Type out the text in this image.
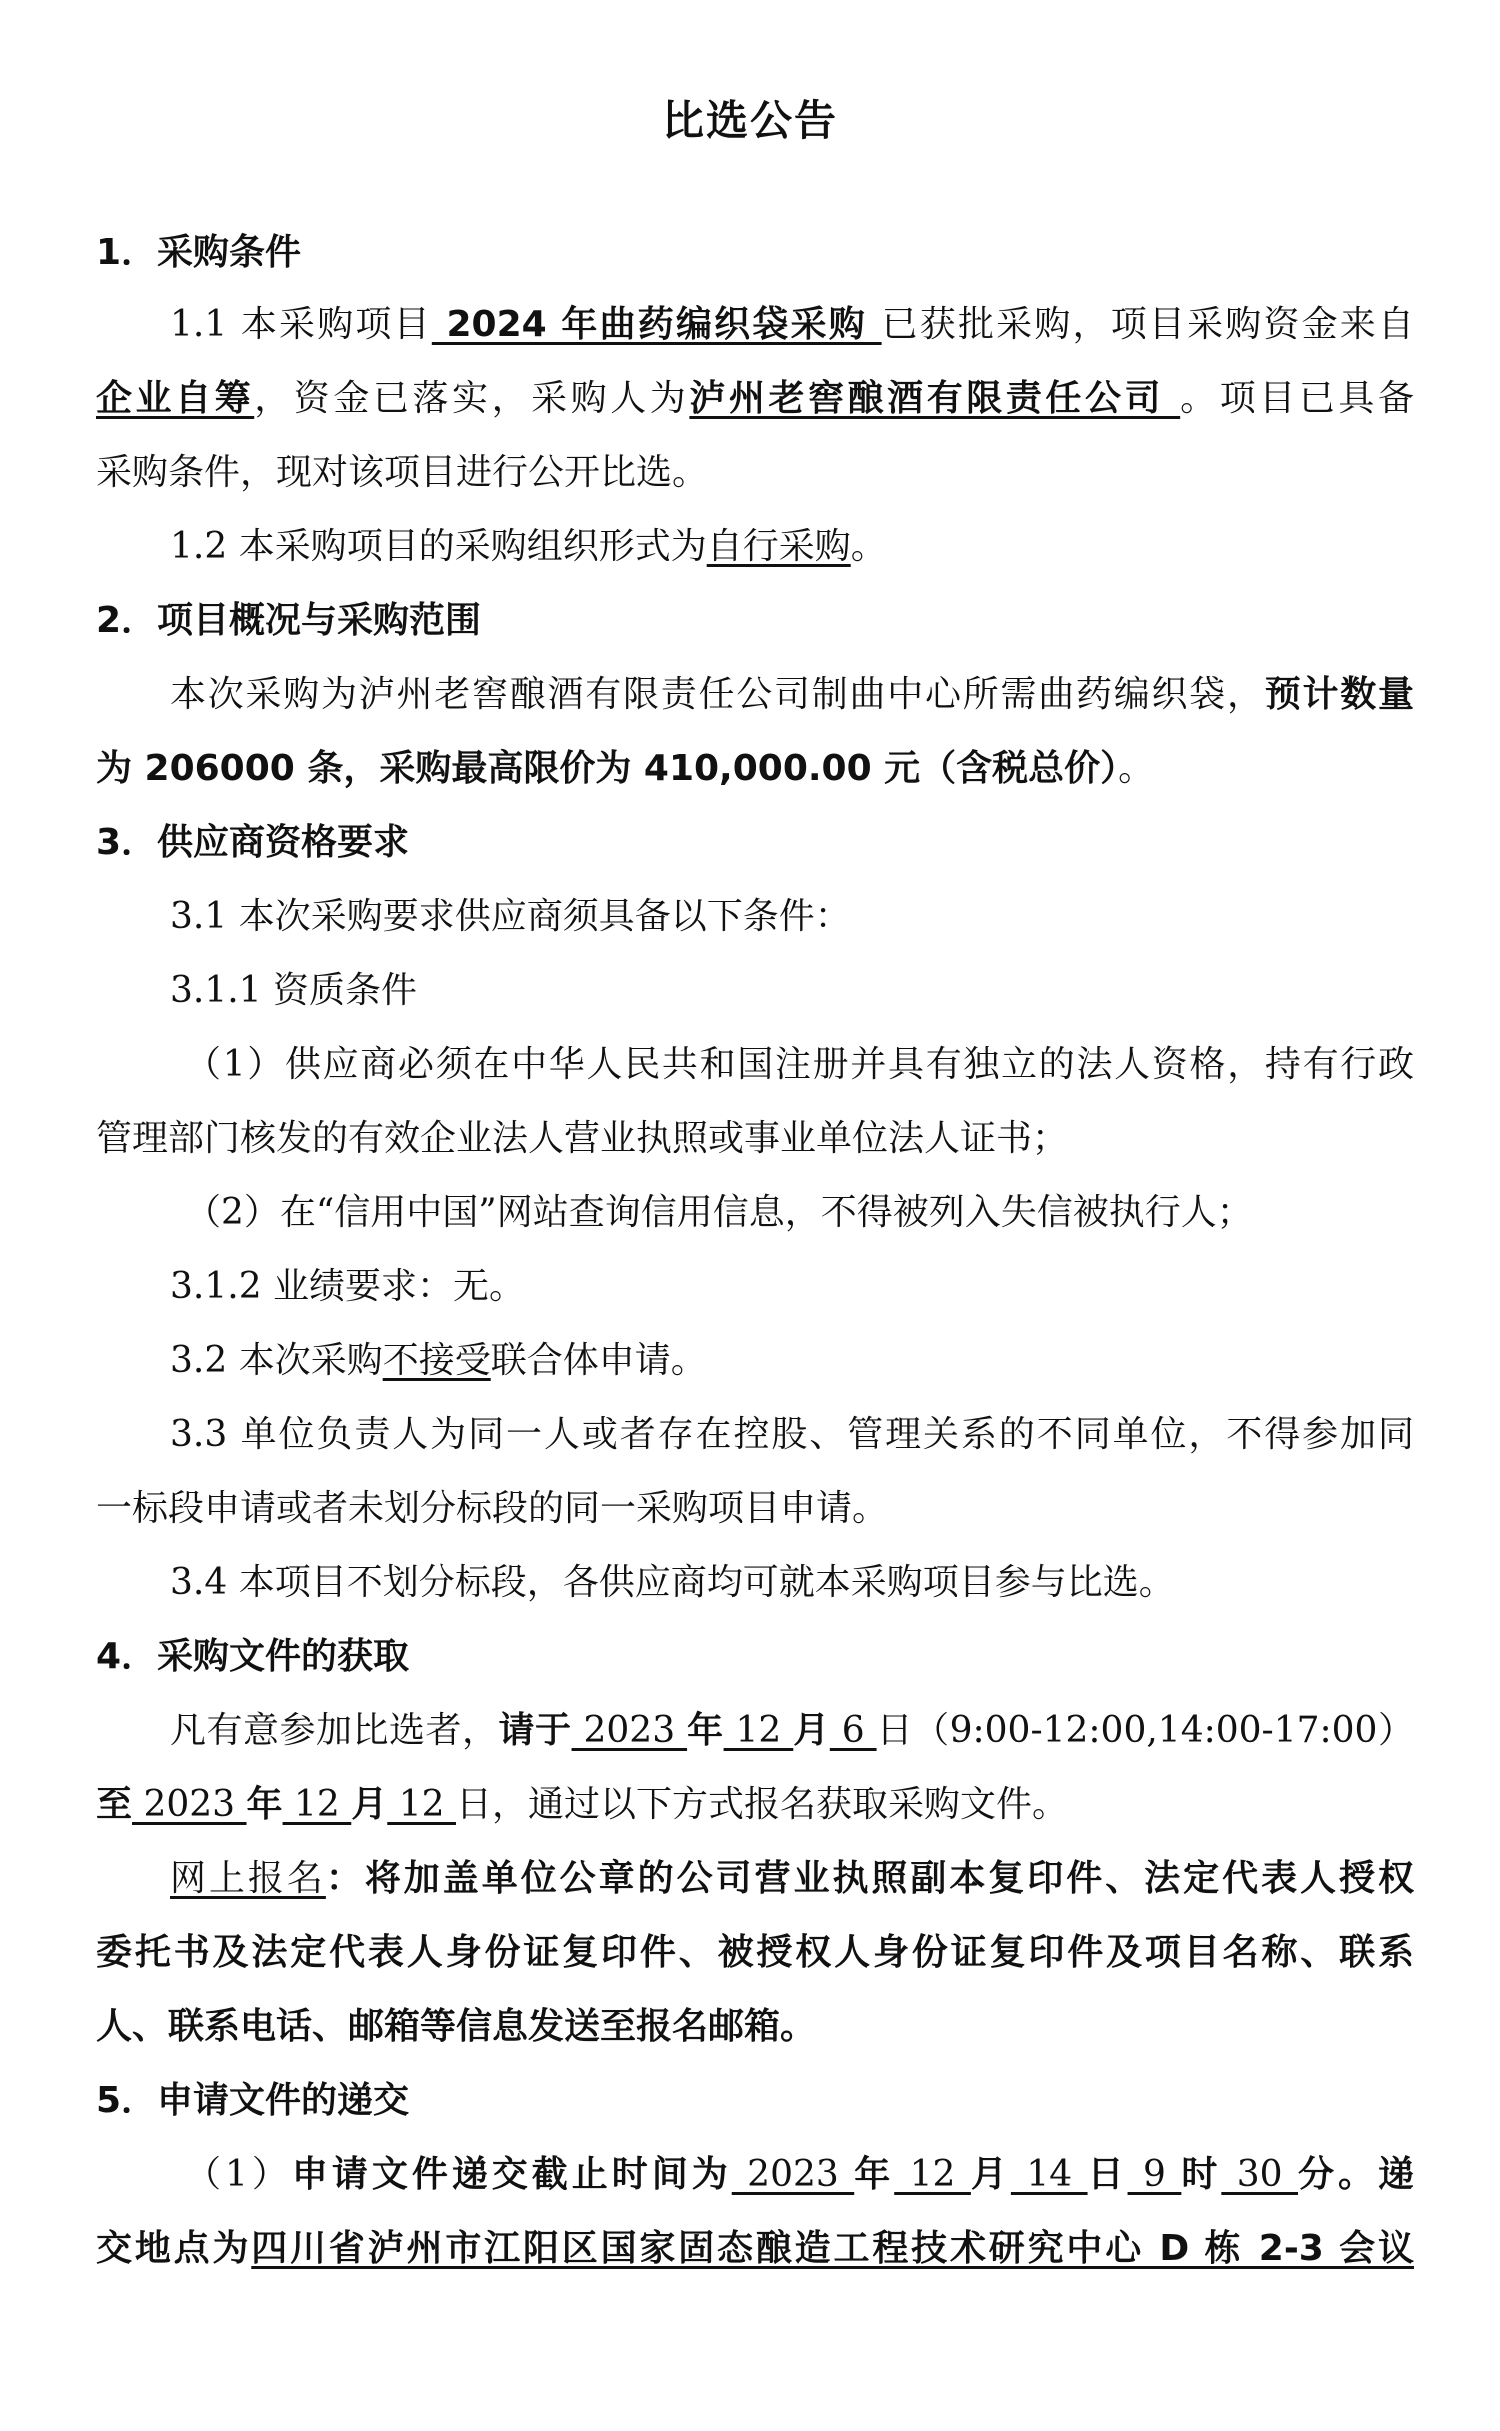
比选公告
1．采购条件
1.1 本采购项目 2024 年曲药编织袋采购 已获批采购，项目采购资金来自
企业自筹，资金已落实，采购人为泸州老窖酿酒有限责任公司 。项目已具备
采购条件，现对该项目进行公开比选。
1.2 本采购项目的采购组织形式为自行采购。
2．项目概况与采购范围
本次采购为泸州老窖酿酒有限责任公司制曲中心所需曲药编织袋，预计数量
为 206000 条，采购最高限价为 410,000.00 元（含税总价）。
3．供应商资格要求
3.1 本次采购要求供应商须具备以下条件：
3.1.1 资质条件
（1）供应商必须在中华人民共和国注册并具有独立的法人资格，持有行政
管理部门核发的有效企业法人营业执照或事业单位法人证书；
（2）在“信用中国”网站查询信用信息，不得被列入失信被执行人；
3.1.2 业绩要求：无。
3.2 本次采购不接受联合体申请。
3.3 单位负责人为同一人或者存在控股、管理关系的不同单位，不得参加同
一标段申请或者未划分标段的同一采购项目申请。
3.4 本项目不划分标段，各供应商均可就本采购项目参与比选。
4．采购文件的获取
凡有意参加比选者，请于 2023 年 12 月 6 日（9:00-12:00,14:00-17:00）
至 2023 年 12 月 12 日，通过以下方式报名获取采购文件。
网上报名：将加盖单位公章的公司营业执照副本复印件、法定代表人授权
委托书及法定代表人身份证复印件、被授权人身份证复印件及项目名称、联系
人、联系电话、邮箱等信息发送至报名邮箱。
5．申请文件的递交
（1）申请文件递交截止时间为 2023 年 12 月 14 日 9 时 30 分。递
交地点为四川省泸州市江阳区国家固态酿造工程技术研究中心 D 栋 2-3 会议
